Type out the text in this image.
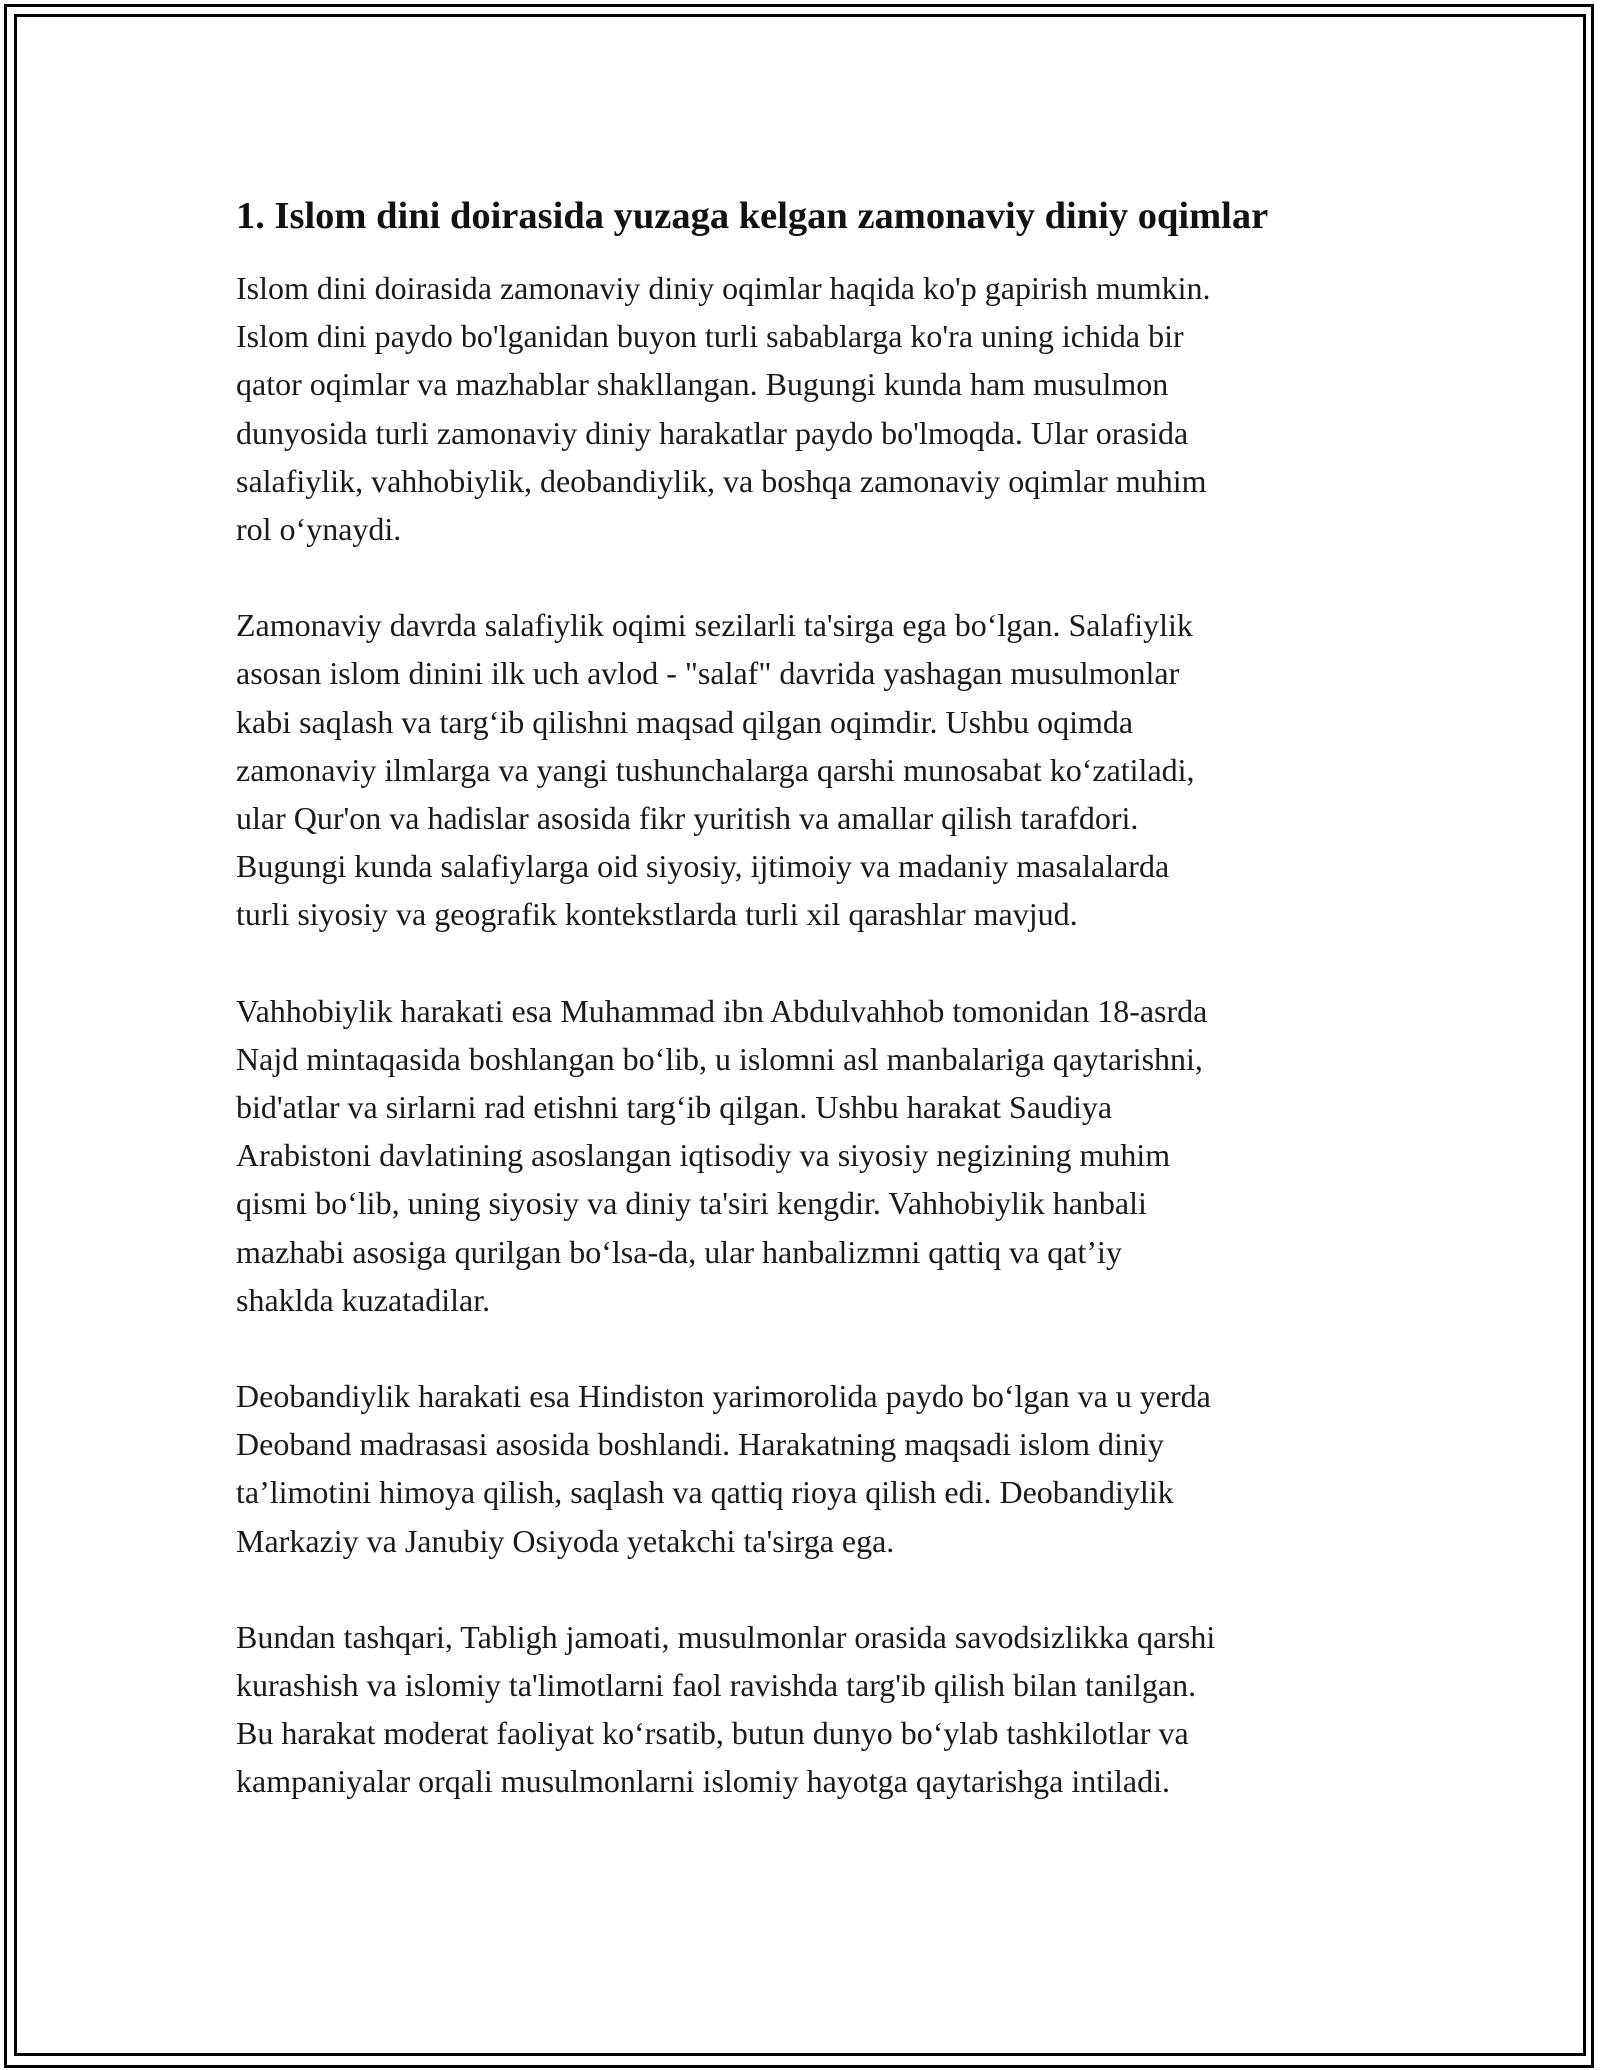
1. Islom dini doirasida yuzaga kelgan zamonaviy diniy oqimlar

Islom dini doirasida zamonaviy diniy oqimlar haqida ko'p gapirish mumkin.
Islom dini paydo bo'lganidan buyon turli sabablarga ko'ra uning ichida bir
qator oqimlar va mazhablar shakllangan. Bugungi kunda ham musulmon
dunyosida turli zamonaviy diniy harakatlar paydo bo'lmoqda. Ular orasida
salafiylik, vahhobiylik, deobandiylik, va boshqa zamonaviy oqimlar muhim
rol o‘ynaydi.

Zamonaviy davrda salafiylik oqimi sezilarli ta'sirga ega bo‘lgan. Salafiylik
asosan islom dinini ilk uch avlod - "salaf" davrida yashagan musulmonlar
kabi saqlash va targ‘ib qilishni maqsad qilgan oqimdir. Ushbu oqimda
zamonaviy ilmlarga va yangi tushunchalarga qarshi munosabat ko‘zatiladi,
ular Qur'on va hadislar asosida fikr yuritish va amallar qilish tarafdori.
Bugungi kunda salafiylarga oid siyosiy, ijtimoiy va madaniy masalalarda
turli siyosiy va geografik kontekstlarda turli xil qarashlar mavjud.

Vahhobiylik harakati esa Muhammad ibn Abdulvahhob tomonidan 18-asrda
Najd mintaqasida boshlangan bo‘lib, u islomni asl manbalariga qaytarishni,
bid'atlar va sirlarni rad etishni targ‘ib qilgan. Ushbu harakat Saudiya
Arabistoni davlatining asoslangan iqtisodiy va siyosiy negizining muhim
qismi bo‘lib, uning siyosiy va diniy ta'siri kengdir. Vahhobiylik hanbali
mazhabi asosiga qurilgan bo‘lsa-da, ular hanbalizmni qattiq va qat’iy
shaklda kuzatadilar.

Deobandiylik harakati esa Hindiston yarimorolida paydo bo‘lgan va u yerda
Deoband madrasasi asosida boshlandi. Harakatning maqsadi islom diniy
ta’limotini himoya qilish, saqlash va qattiq rioya qilish edi. Deobandiylik
Markaziy va Janubiy Osiyoda yetakchi ta'sirga ega.

Bundan tashqari, Tabligh jamoati, musulmonlar orasida savodsizlikka qarshi
kurashish va islomiy ta'limotlarni faol ravishda targ'ib qilish bilan tanilgan.
Bu harakat moderat faoliyat ko‘rsatib, butun dunyo bo‘ylab tashkilotlar va
kampaniyalar orqali musulmonlarni islomiy hayotga qaytarishga intiladi.
